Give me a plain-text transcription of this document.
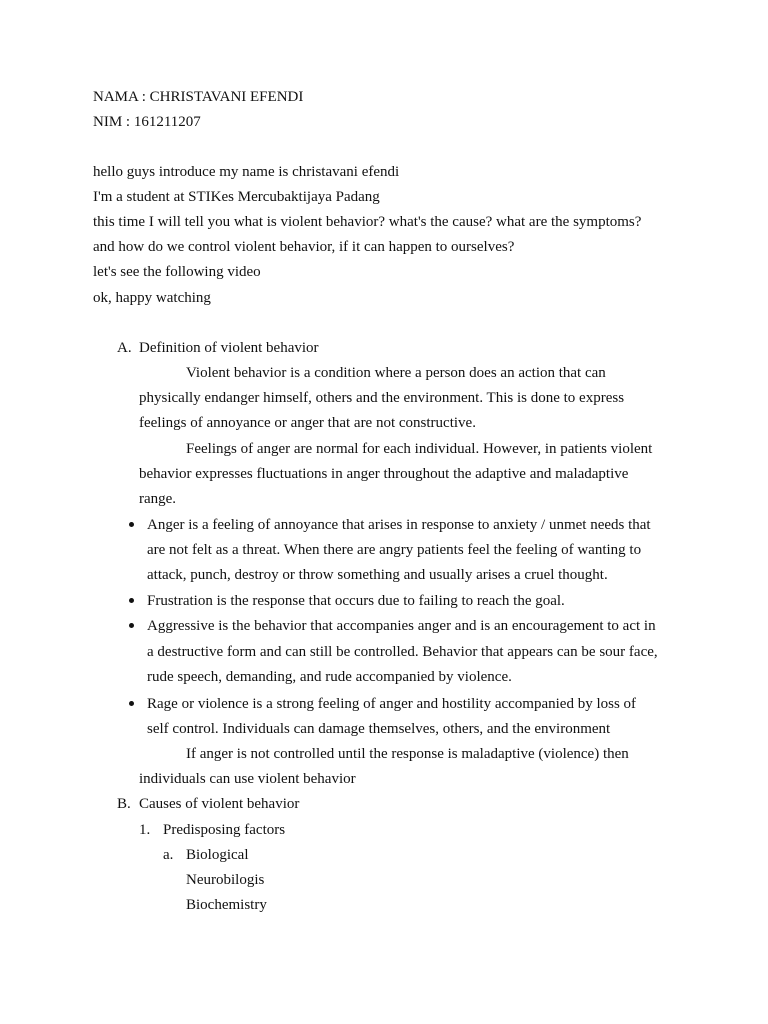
NAMA : CHRISTAVANI EFENDI
NIM : 161211207
hello guys introduce my name is christavani efendi
I'm a student at STIKes Mercubaktijaya Padang
this time I will tell you what is violent behavior? what's the cause? what are the symptoms?
and how do we control violent behavior, if it can happen to ourselves?
let's see the following video
ok, happy watching
A. Definition of violent behavior
Violent behavior is a condition where a person does an action that can
physically endanger himself, others and the environment. This is done to express
feelings of annoyance or anger that are not constructive.
Feelings of anger are normal for each individual. However, in patients violent
behavior expresses fluctuations in anger throughout the adaptive and maladaptive
range.
Anger is a feeling of annoyance that arises in response to anxiety / unmet needs that
are not felt as a threat. When there are angry patients feel the feeling of wanting to
attack, punch, destroy or throw something and usually arises a cruel thought.
Frustration is the response that occurs due to failing to reach the goal.
Aggressive is the behavior that accompanies anger and is an encouragement to act in
a destructive form and can still be controlled. Behavior that appears can be sour face,
rude speech, demanding, and rude accompanied by violence.
Rage or violence is a strong feeling of anger and hostility accompanied by loss of
self control. Individuals can damage themselves, others, and the environment
If anger is not controlled until the response is maladaptive (violence) then
individuals can use violent behavior
B. Causes of violent behavior
1. Predisposing factors
a. Biological
Neurobilogis
Biochemistry
